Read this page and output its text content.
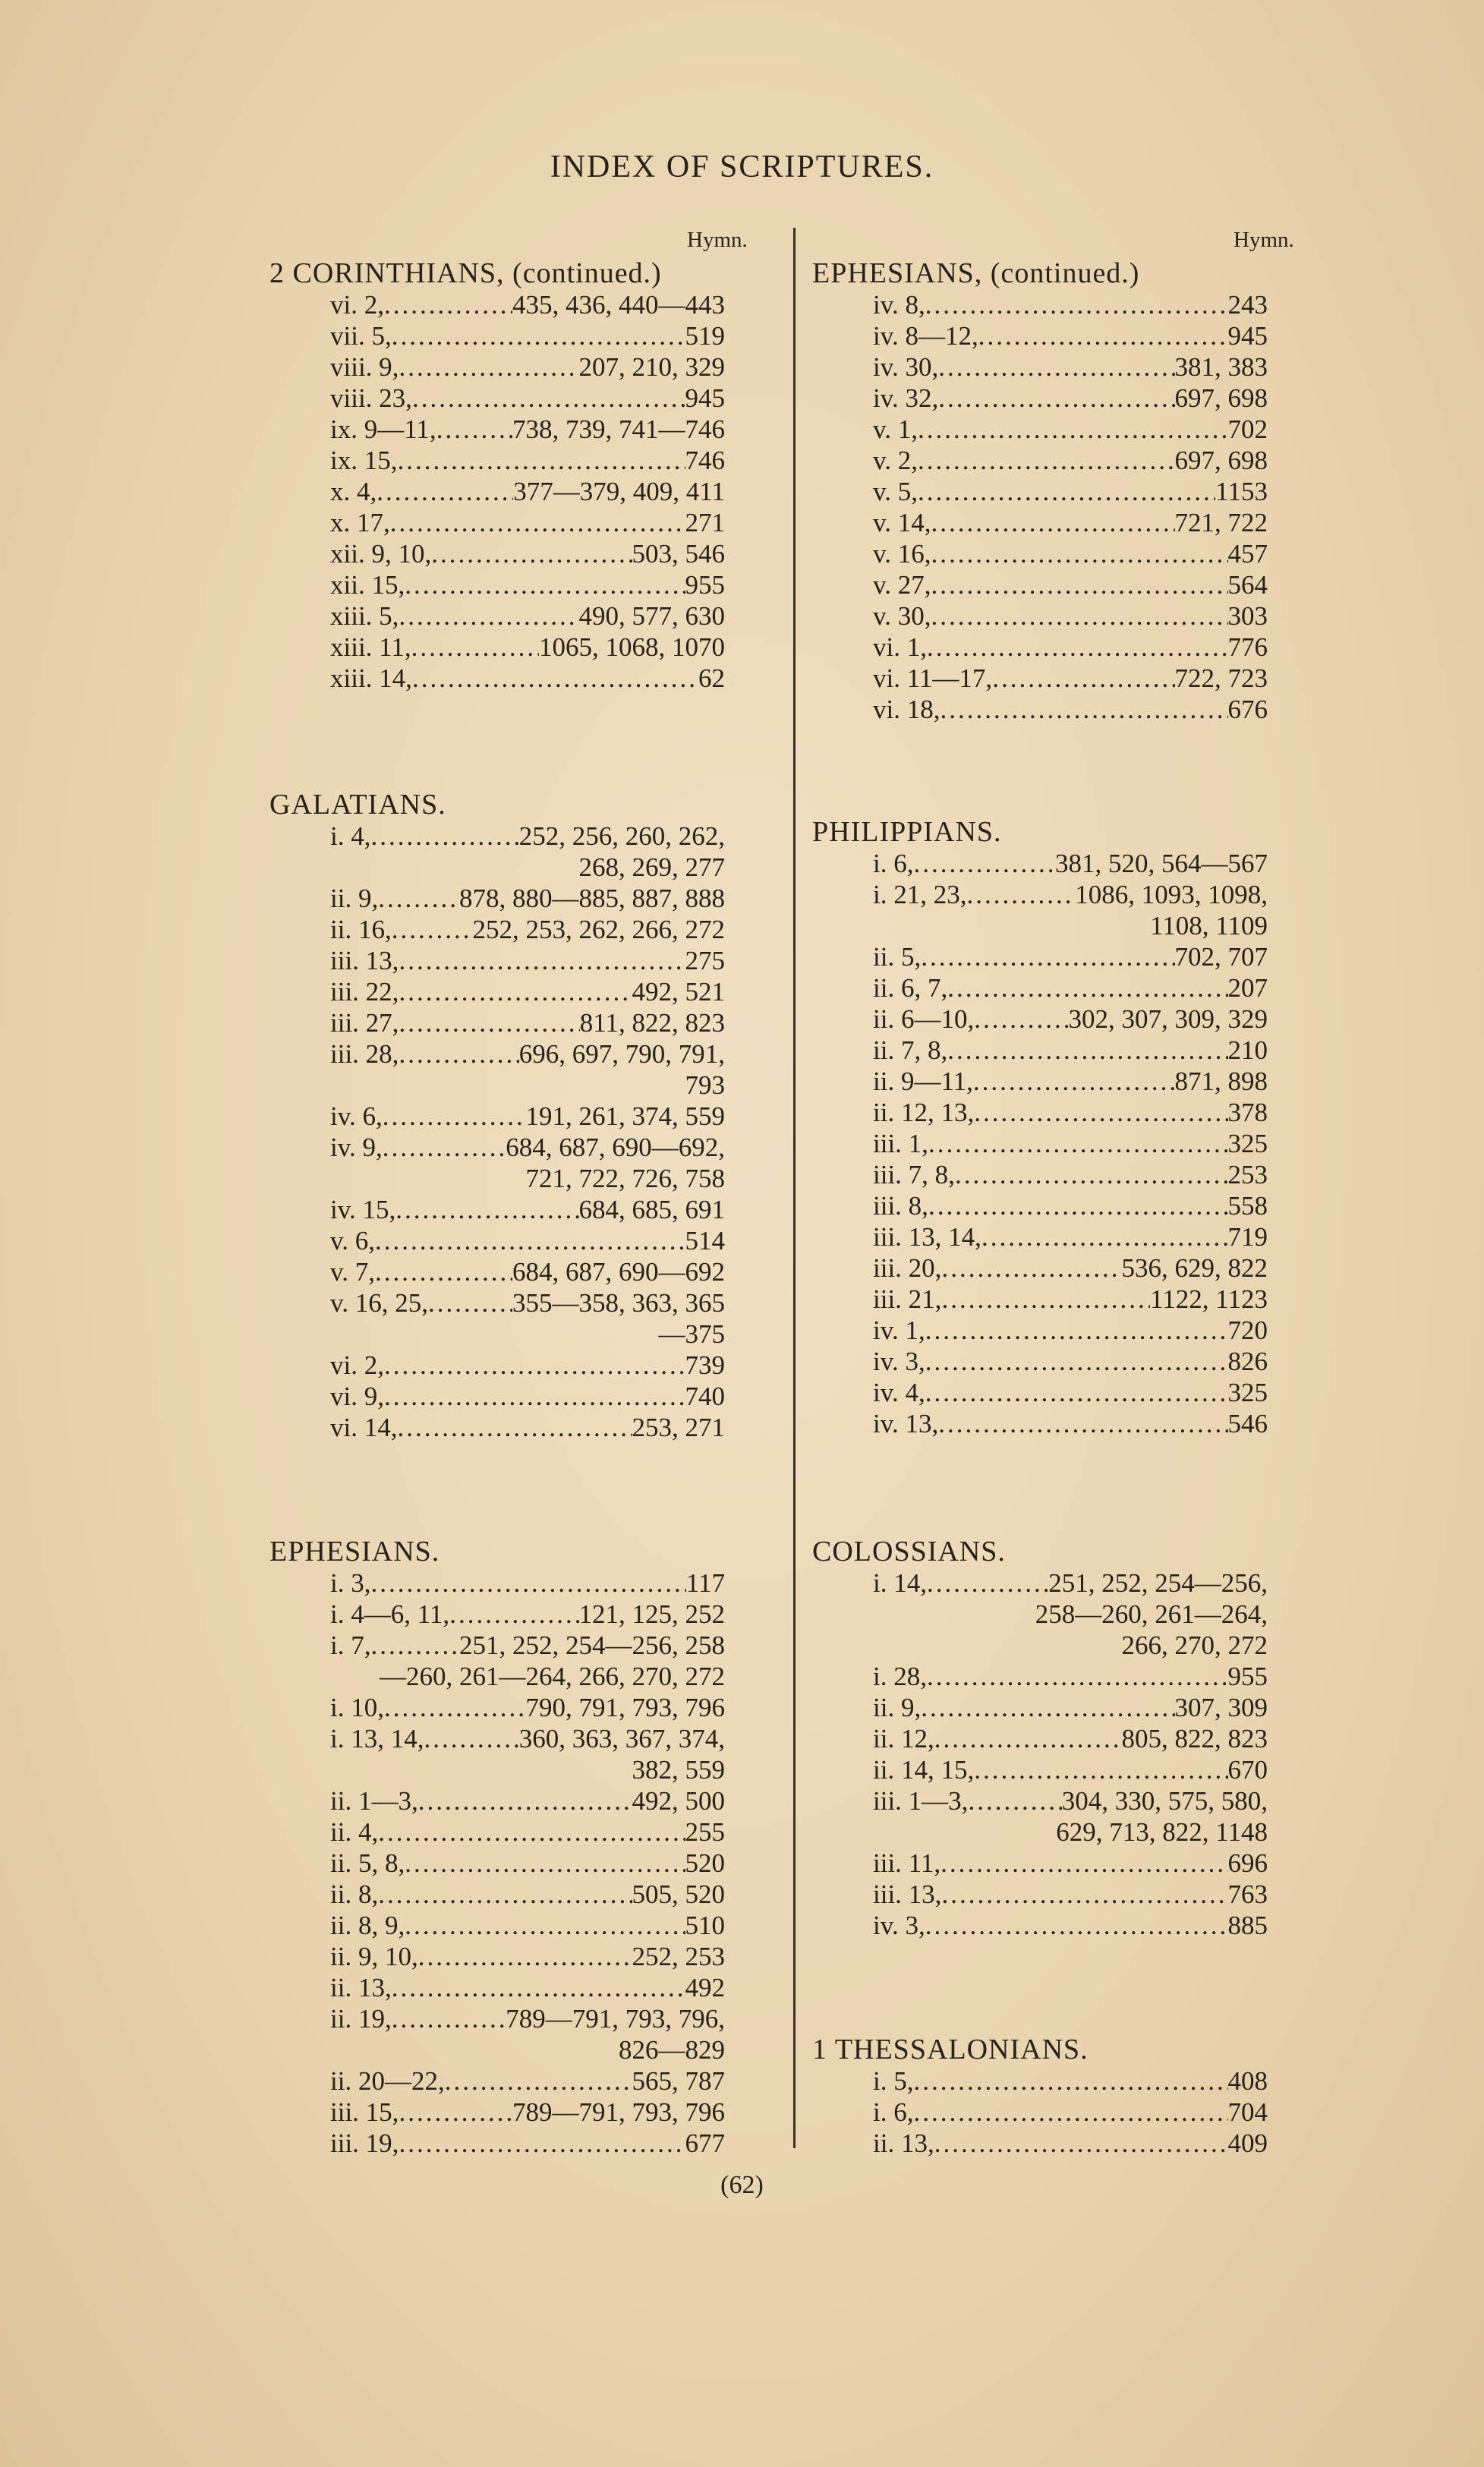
INDEX OF SCRIPTURES.
Hymn.	Hymn.
2 CORINTHIANS, (continued.)
vi. 2, .....	435, 436, 440—443
vii. 5, .....	519
viii. 9, .....	207, 210, 329
viii. 23, .....	945
ix. 9—11, .....	738, 739, 741—746
ix. 15, .....	746
x. 4, .....	377—379, 409, 411
x. 17, .....	271
xii. 9, 10, .....	503, 546
xii. 15, .....	955
xiii. 5, .....	490, 577, 630
xiii. 11, .....	1065, 1068, 1070
xiii. 14, .....	62
GALATIANS.
i. 4, .....	252, 256, 260, 262,
268, 269, 277
ii. 9, .....	878, 880—885, 887, 888
ii. 16, .....	252, 253, 262, 266, 272
iii. 13, .....	275
iii. 22, .....	492, 521
iii. 27, .....	811, 822, 823
iii. 28, .....	696, 697, 790, 791,
793
iv. 6, .....	191, 261, 374, 559
iv. 9, .....	684, 687, 690—692,
721, 722, 726, 758
iv. 15, .....	684, 685, 691
v. 6, .....	514
v. 7, .....	684, 687, 690—692
v. 16, 25, .....	355—358, 363, 365
—375
vi. 2, .....	739
vi. 9, .....	740
vi. 14, .....	253, 271
EPHESIANS.
i. 3, .....	117
i. 4—6, 11, .....	121, 125, 252
i. 7, .....	251, 252, 254—256, 258
—260, 261—264, 266, 270, 272
i. 10, .....	790, 791, 793, 796
i. 13, 14, .....	360, 363, 367, 374,
382, 559
ii. 1—3, .....	492, 500
ii. 4, .....	255
ii. 5, 8, .....	520
ii. 8, .....	505, 520
ii. 8, 9, .....	510
ii. 9, 10, .....	252, 253
ii. 13, .....	492
ii. 19, .....	789—791, 793, 796,
826—829
ii. 20—22, .....	565, 787
iii. 15, .....	789—791, 793, 796
iii. 19, .....	677
EPHESIANS, (continued.)
iv. 8, .....	243
iv. 8—12, .....	945
iv. 30, .....	381, 383
iv. 32, .....	697, 698
v. 1, .....	702
v. 2, .....	697, 698
v. 5, .....	1153
v. 14, .....	721, 722
v. 16, .....	457
v. 27, .....	564
v. 30, .....	303
vi. 1, .....	776
vi. 11—17, .....	722, 723
vi. 18, .....	676
PHILIPPIANS.
i. 6, .....	381, 520, 564—567
i. 21, 23, .....	1086, 1093, 1098,
1108, 1109
ii. 5, .....	702, 707
ii. 6, 7, .....	207
ii. 6—10, .....	302, 307, 309, 329
ii. 7, 8, .....	210
ii. 9—11, .....	871, 898
ii. 12, 13, .....	378
iii. 1, .....	325
iii. 7, 8, .....	253
iii. 8, .....	558
iii. 13, 14, .....	719
iii. 20, .....	536, 629, 822
iii. 21, .....	1122, 1123
iv. 1, .....	720
iv. 3, .....	826
iv. 4, .....	325
iv. 13, .....	546
COLOSSIANS.
i. 14, .....	251, 252, 254—256,
258—260, 261—264,
266, 270, 272
i. 28, .....	955
ii. 9, .....	307, 309
ii. 12, .....	805, 822, 823
ii. 14, 15, .....	670
iii. 1—3, .....	304, 330, 575, 580,
629, 713, 822, 1148
iii. 11, .....	696
iii. 13, .....	763
iv. 3, .....	885
1 THESSALONIANS.
i. 5, .....	408
i. 6, .....	704
ii. 13, .....	409
(62)
